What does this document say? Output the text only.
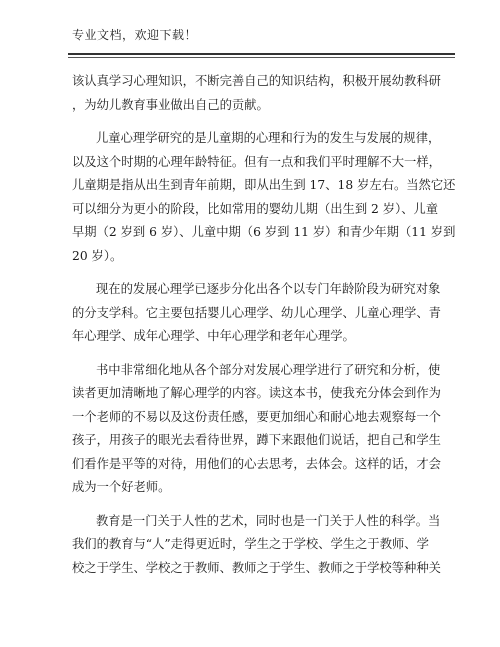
专业文档，欢迎下载！
该认真学习心理知识，不断完善自己的知识结构，积极开展幼教科研
，为幼儿教育事业做出自己的贡献。
儿童心理学研究的是儿童期的心理和行为的发生与发展的规律，
以及这个时期的心理年龄特征。但有一点和我们平时理解不大一样，
儿童期是指从出生到青年前期，即从出生到 17、18 岁左右。当然它还
可以细分为更小的阶段，比如常用的婴幼儿期（出生到 2 岁）、儿童
早期（2 岁到 6 岁）、儿童中期（6 岁到 11 岁）和青少年期（11 岁到
20 岁）。
现在的发展心理学已逐步分化出各个以专门年龄阶段为研究对象
的分支学科。它主要包括婴儿心理学、幼儿心理学、儿童心理学、青
年心理学、成年心理学、中年心理学和老年心理学。
书中非常细化地从各个部分对发展心理学进行了研究和分析，使
读者更加清晰地了解心理学的内容。读这本书，使我充分体会到作为
一个老师的不易以及这份责任感，要更加细心和耐心地去观察每一个
孩子，用孩子的眼光去看待世界，蹲下来跟他们说话，把自己和学生
们看作是平等的对待，用他们的心去思考，去体会。这样的话，才会
成为一个好老师。
教育是一门关于人性的艺术，同时也是一门关于人性的科学。当
我们的教育与“人”走得更近时，学生之于学校、学生之于教师、学
校之于学生、学校之于教师、教师之于学生、教师之于学校等种种关
